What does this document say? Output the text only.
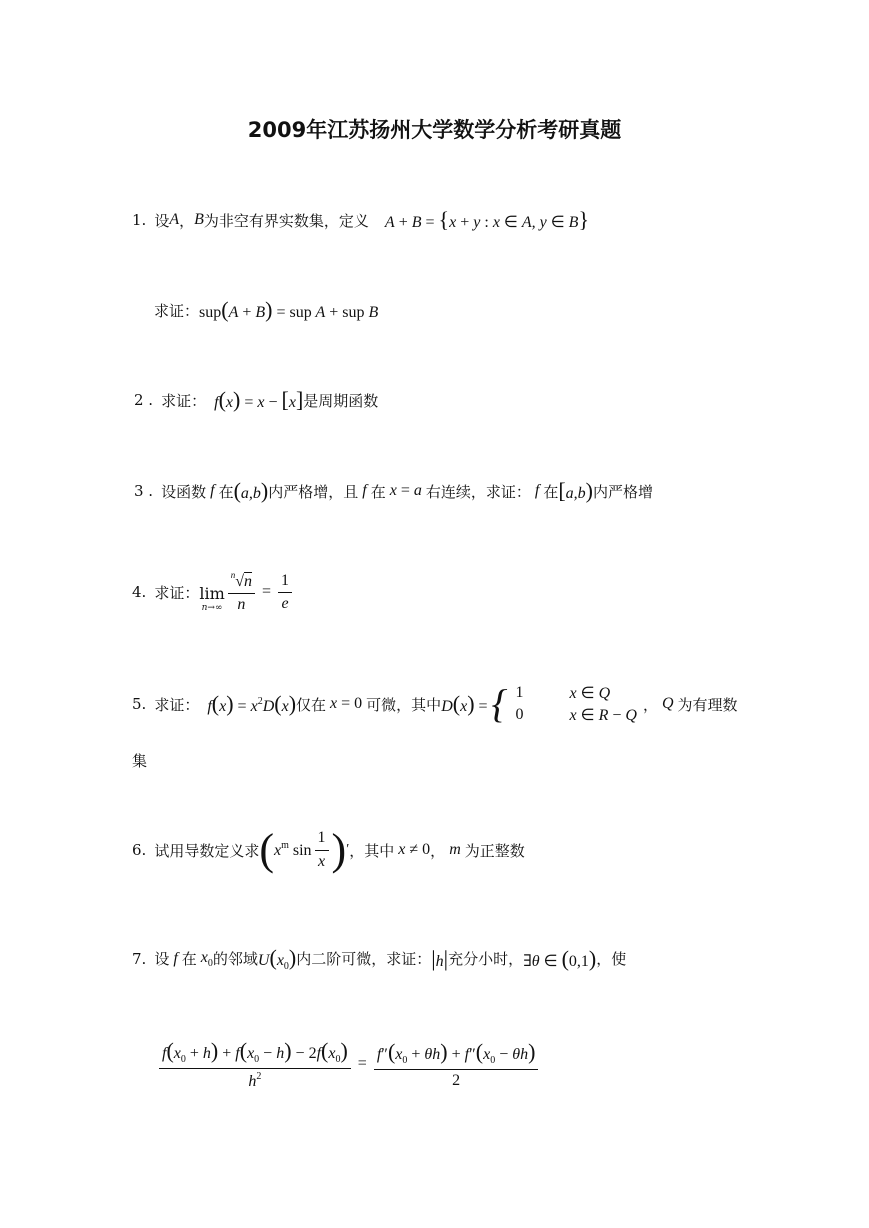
2009年江苏扬州大学数学分析考研真题
1. 设 A ， B 为非空有界实数集，定义 A + B = {x + y : x ∈ A, y ∈ B}
求证： sup(A + B) = sup A + sup B
2 . 求证： f(x) = x − [x] 是周期函数
3 . 设函数 f 在 (a,b) 内严格增，且 f 在 x = a 右连续，求证： f 在 [a,b) 内严格增
4. 求证： lim
$n\to\infty \frac{^n√n}{n} = \frac{1}{e}$
5. 求证： $f(x) = x^2D(x)$ 仅在 x = 0 可微，其中 D(x) = { 1	x ∈ Q
0	x ∈ R − Q
， Q 为有理数
集
6. 试用导数定义求 ( $x^m$ $\sin \frac{1}{x}$ ) ′ ，其中 x ≠ 0 ， m 为正整数
7. 设 f 在 $x_0$ 的邻域 $U(x_0)$ 内二阶可微，求证： |h| 充分小时， ∃θ ∈ (0,1) ，使
$\frac{f(x_0 + h) + f(x_0 - h) - 2f(x_0)}{h^2} = \frac{f''(x_0 + \theta h) + f''(x_0 - \theta h)}{2}$
